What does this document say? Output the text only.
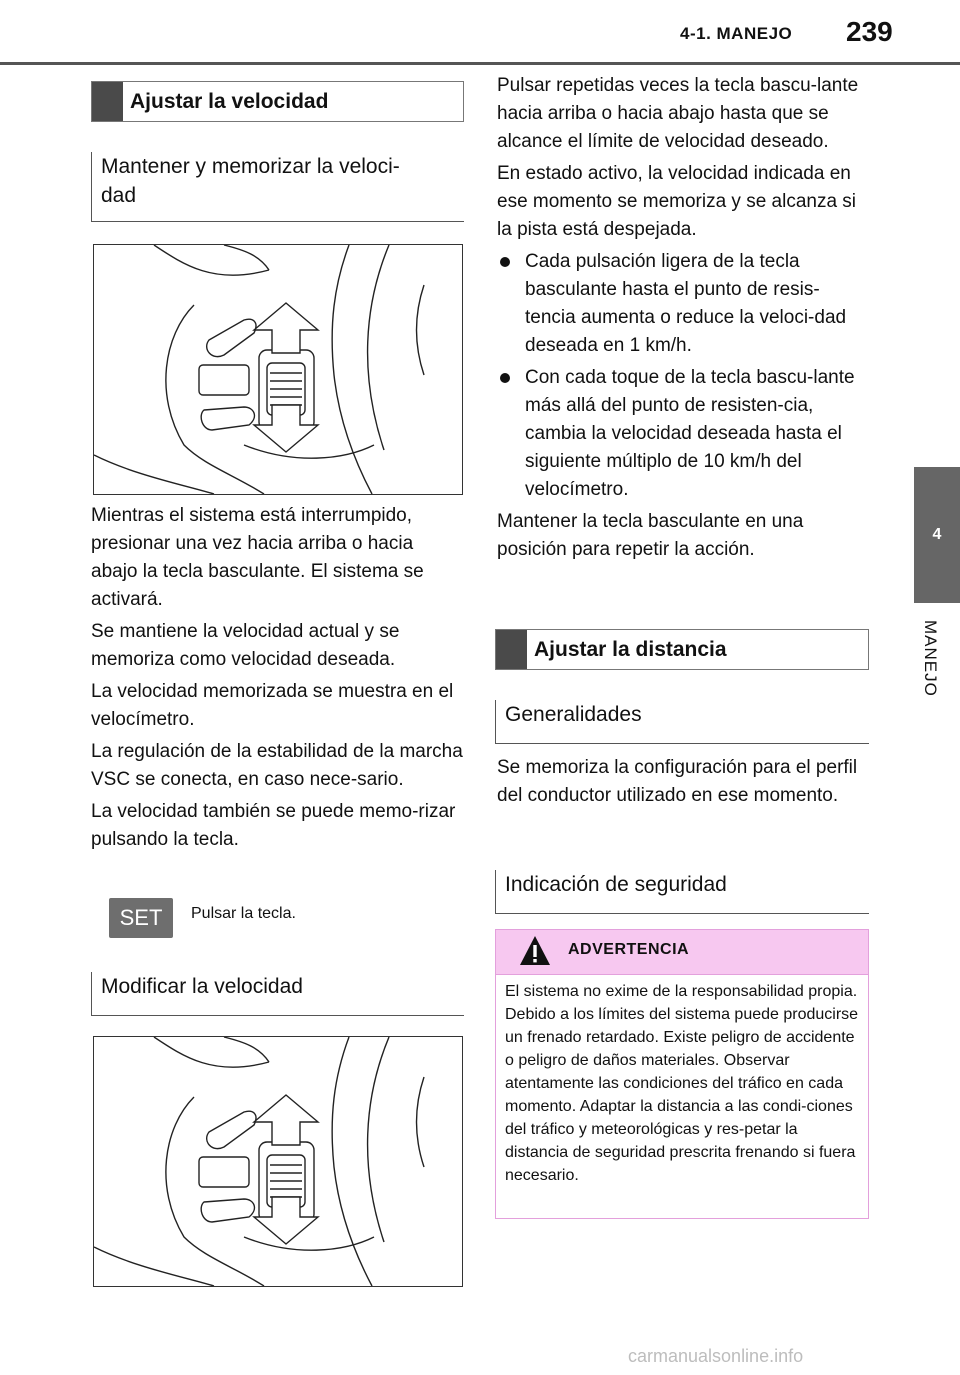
4-1. MANEJO 239
4
MANEJO
Ajustar la velocidad
Mantener y memorizar la veloci-
dad

Mientras el sistema está interrumpido, presionar una vez hacia arriba o hacia abajo la tecla basculante. El sistema se activará.

Se mantiene la velocidad actual y se memoriza como velocidad deseada.

La velocidad memorizada se muestra en el velocímetro.

La regulación de la estabilidad de la marcha VSC se conecta, en caso nece-sario.

La velocidad también se puede memo-rizar pulsando la tecla.

SET	Pulsar la tecla.
Modificar la velocidad

Pulsar repetidas veces la tecla bascu-lante hacia arriba o hacia abajo hasta que se alcance el límite de velocidad deseado.

En estado activo, la velocidad indicada en ese momento se memoriza y se alcanza si la pista está despejada.

Cada pulsación ligera de la tecla basculante hasta el punto de resis-tencia aumenta o reduce la veloci-dad deseada en 1 km/h.
Con cada toque de la tecla bascu-lante más allá del punto de resisten-cia, cambia la velocidad deseada hasta el siguiente múltiplo de 10 km/h del velocímetro.

Mantener la tecla basculante en una posición para repetir la acción.

Ajustar la distancia
Generalidades

Se memoriza la configuración para el perfil del conductor utilizado en ese momento.

Indicación de seguridad
ADVERTENCIA
El sistema no exime de la responsabilidad propia. Debido a los límites del sistema puede producirse un frenado retardado. Existe peligro de accidente o peligro de daños materiales. Observar atentamente las condiciones del tráfico en cada momento. Adaptar la distancia a las condi-ciones del tráfico y meteorológicas y res-petar la distancia de seguridad prescrita frenando si fuera necesario.
carmanualsonline.info
